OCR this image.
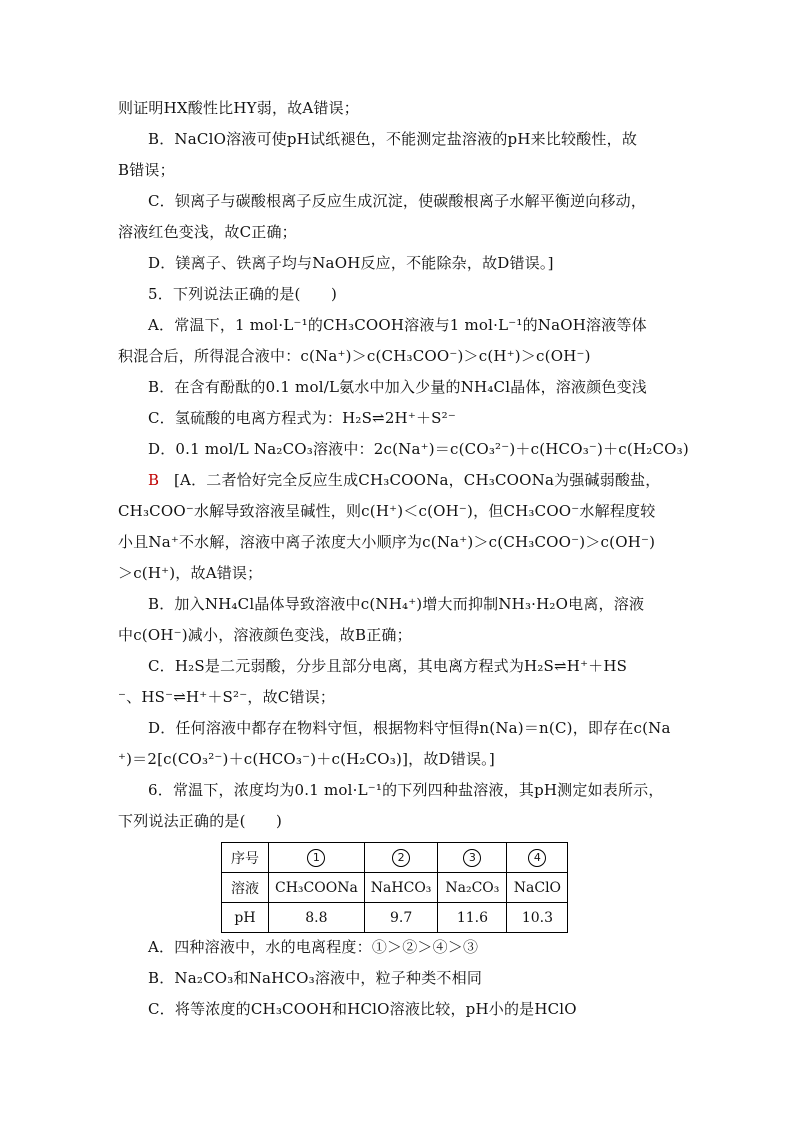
则证明HX酸性比HY弱，故A错误；
B．NaClO溶液可使pH试纸褪色，不能测定盐溶液的pH来比较酸性，故
B错误；
C．钡离子与碳酸根离子反应生成沉淀，使碳酸根离子水解平衡逆向移动，
溶液红色变浅，故C正确；
D．镁离子、铁离子均与NaOH反应，不能除杂，故D错误。]
5．下列说法正确的是(　　)
A．常温下，1 mol·L⁻¹的CH₃COOH溶液与1 mol·L⁻¹的NaOH溶液等体
积混合后，所得混合液中：c(Na⁺)＞c(CH₃COO⁻)＞c(H⁺)＞c(OH⁻)
B．在含有酚酞的0.1 mol/L氨水中加入少量的NH₄Cl晶体，溶液颜色变浅
C．氢硫酸的电离方程式为：H₂S⇌2H⁺＋S²⁻
D．0.1 mol/L Na₂CO₃溶液中：2c(Na⁺)＝c(CO₃²⁻)＋c(HCO₃⁻)＋c(H₂CO₃)
B [A．二者恰好完全反应生成CH₃COONa，CH₃COONa为强碱弱酸盐，
CH₃COO⁻水解导致溶液呈碱性，则c(H⁺)＜c(OH⁻)，但CH₃COO⁻水解程度较
小且Na⁺不水解，溶液中离子浓度大小顺序为c(Na⁺)＞c(CH₃COO⁻)＞c(OH⁻)
＞c(H⁺)，故A错误；
B．加入NH₄Cl晶体导致溶液中c(NH₄⁺)增大而抑制NH₃·H₂O电离，溶液
中c(OH⁻)减小，溶液颜色变浅，故B正确；
C．H₂S是二元弱酸，分步且部分电离，其电离方程式为H₂S⇌H⁺＋HS
⁻、HS⁻⇌H⁺＋S²⁻，故C错误；
D．任何溶液中都存在物料守恒，根据物料守恒得n(Na)＝n(C)，即存在c(Na
⁺)＝2[c(CO₃²⁻)＋c(HCO₃⁻)＋c(H₂CO₃)]，故D错误。]
6．常温下，浓度均为0.1 mol·L⁻¹的下列四种盐溶液，其pH测定如表所示，
下列说法正确的是(　　)
序号	1	2	3	4
溶液	CH₃COONa	NaHCO₃	Na₂CO₃	NaClO
pH	8.8	9.7	11.6	10.3
A．四种溶液中，水的电离程度：①＞②＞④＞③
B．Na₂CO₃和NaHCO₃溶液中，粒子种类不相同
C．将等浓度的CH₃COOH和HClO溶液比较，pH小的是HClO
